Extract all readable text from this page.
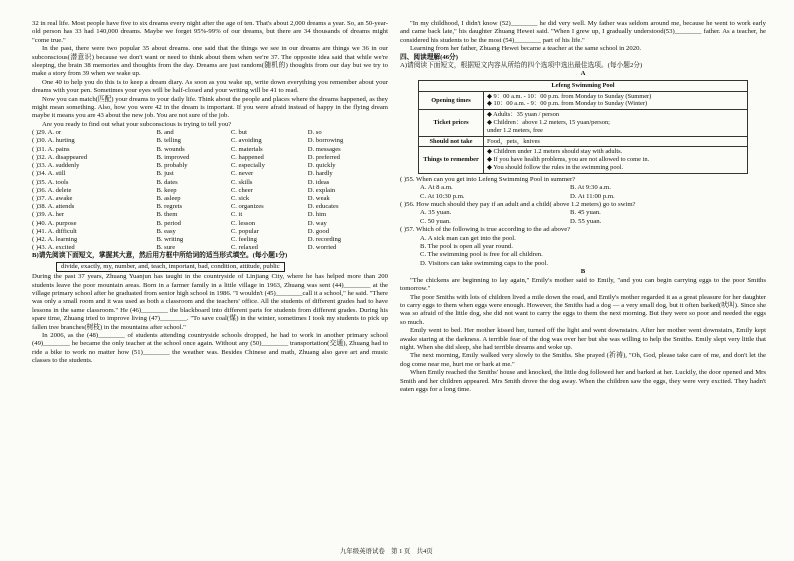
32 in real life. Most people have five to six dreams every night after the age of ten. That's about 2,000 dreams a year. So, an 50-year-old person has 33 had 140,000 dreams. Maybe we forget 95%-99% of our dreams, but there are 34 thousands of dreams might "come true."

In the past, there were two popular 35 about dreams. one said that the things we see in our dreams are things we 36 in our subconscious(潜意识) because we don't want or need to think about them when we're 37. The opposite idea said that while we're sleeping, the brain 38 memories and thoughts from the day. Dreams are just random(随机的) thoughts from our day but we try to make a story from 39 when we wake up.

One 40 to help you do this is to keep a dream diary. As soon as you wake up, write down everything you remember about your dreams with your pen. Sometimes your eyes will be half-closed and your writing will be 41 to read.

Now you can match(匹配) your dreams to your daily life. Think about the people and places where the dreams happened, as they might mean something. Also, how you were 42 in the dream is important. If you were afraid instead of happy in the flying dream maybe it means you are 43 about the new job. You are not sure of the job.

Are you ready to find out what your subconscious is trying to tell you?

( )29. A. or	B. and	C. but	D. so
( )30. A. hurting	B. telling	C. avoiding	D. borrowing
( )31. A. pains	B. wounds	C. materials	D. messages
( )32. A. disappeared	B. improved	C. happened	D. preferred
( )33. A. suddenly	B. probably	C. especially	D. quickly
( )34. A. still	B. just	C. never	D. hardly
( )35. A. tools	B. dates	C. skills	D. ideas
( )36. A. delete	B. keep	C. cheer	D. explain
( )37. A. awake	B. asleep	C. sick	D. weak
( )38. A. attends	B. regrets	C. organizes	D. educates
( )39. A. her	B. them	C. it	D. him
( )40. A. purpose	B. period	C. lesson	D. way
( )41. A. difficult	B. easy	C. popular	D. good
( )42. A. learning	B. writing	C. feeling	D. recording
( )43. A. excited	B. sure	C. relaxed	D. worried

B)请先阅读下面短文，掌握其大意，然后用方框中所给词的适当形式填空。(每小题1分)

divide, exactly, my, number, and, teach, important, bad, condition, attitude, public

During the past 37 years, Zhuang Yuanjun has taught in the countryside of Linjiang City, where he has helped more than 200 students leave the poor mountain areas. Born in a farmer family in a little village in 1963, Zhuang was sent (44)________ at the village primary school after he graduated from senior high school in 1986. "I wouldn't (45)________call it a school," he said. "There was only a small room and it was used as both a classroom and the teachers' office. All the students of different grades had to have lessons in the same classroom." He (46)________ the blackboard into different parts for students from different grades. During his spare time, Zhuang tried to improve living (47)________. "To save coal(煤) in the winter, sometimes I took my students to pick up fallen tree branches(树枝) in the mountains after school."

In 2006, as the (48)________ of students attending countryside schools dropped, he had to work in another primary school (49)________ he became the only teacher at the school once again. Without any (50)________ transportation(交通), Zhuang had to ride a bike to work no matter how (51)________ the weather was. Besides Chinese and math, Zhuang also gave art and music classes to the students.

"In my childhood, I didn't know (52)________ he did very well. My father was seldom around me, because he went to work early and came back late," his daughter Zhuang Hewei said. "When I grew up, I gradually understood(53)________ father. As a teacher, he considered his students to be the most (54)________ part of his life."

Learning from her father, Zhuang Hewei became a teacher at the same school in 2020.

四、阅读理解(46分)

A)请阅读下面短文，根据短文内容从所给的四个选项中选出最佳选项。(每小题2分)

A
Lefeng Swimming Pool	
Opening times	◆ 9：00 a.m. - 10：00 p.m. from Monday to Sunday (Summer)
◆ 10：00 a.m. - 9：00 p.m. from Monday to Sunday (Winter)

Ticket prices	◆ Adults：35 yuan / person
◆ Children：above 1.2 meters, 15 yuan/person;
under 1.2 meters, free

Should not take	Food，pets，knives

Things to remember	◆ Children under 1.2 meters should stay with adults.
◆ If you have health problems, you are not allowed to come in.
◆ You should follow the rules in the swimming pool.

( )55. When can you get into Lefeng Swimming Pool in summer?

A. At 8 a.m.	B. At 9:30 a.m.
C. At 10:30 p.m.	D. At 11:00 p.m.

( )56. How much should they pay if an adult and a child( above 1.2 meters) go to swim?

A. 35 yuan.	B. 45 yuan.
C. 50 yuan.	D. 55 yuan.

( )57. Which of the following is true according to the ad above?

A. A sick man can get into the pool.
B. The pool is open all year round.
C. The swimming pool is free for all children.
D. Visitors can take swimming caps to the pool.
B

"The chickens are beginning to lay again," Emily's mother said to Emily, "and you can begin carrying eggs to the poor Smiths tomorrow."

The poor Smiths with lots of children lived a mile down the road, and Emily's mother regarded it as a great pleasure for her daughter to carry eggs to them when eggs were enough. However, the Smiths had a dog — a very small dog, but it often barked(吠叫). Since she was so afraid of the little dog, she did not want to carry the eggs to them the next morning. But they were so poor and needed the eggs so much.

Emily went to bed. Her mother kissed her, turned off the light and went downstairs. After her mother went downstairs, Emily kept awake staring at the darkness. A terrible fear of the dog was over her but she was willing to help the Smiths. Emily slept very little that night. When she did sleep, she had terrible dreams and woke up.

The next morning, Emily walked very slowly to the Smiths. She prayed (祈祷), "Oh, God, please take care of me, and don't let the dog come near me, hurt me or bark at me."

When Emily reached the Smiths' house and knocked, the little dog followed her and barked at her. Luckily, the door opened and Mrs Smith and her children appeared. Mrs Smith drove the dog away. When the children saw the eggs, they were very excited. They hadn't eaten eggs for a long time.

九年级英语试卷　第 1 页　共4页
